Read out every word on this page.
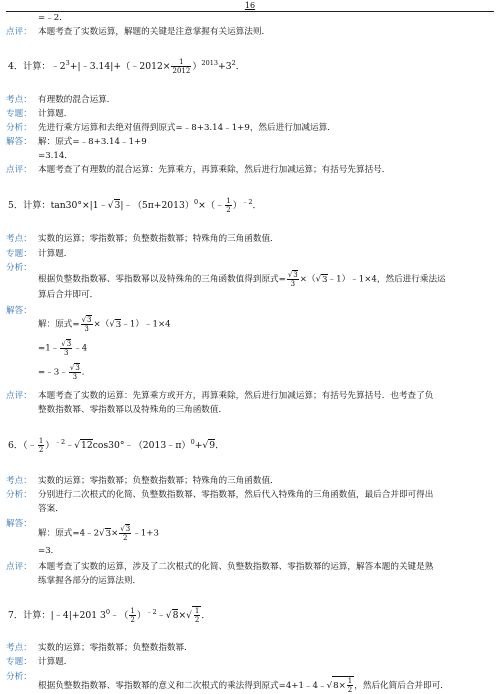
16
=﹣2．
点评： 本题考查了实数运算，解题的关键是注意掌握有关运算法则．
4．计算：$﹣2^3+|﹣3.14|+(﹣2012\times \frac{1}{2012} )^{2013}+3^2$．
考点： 有理数的混合运算．
专题： 计算题．
分析： 先进行乘方运算和去绝对值得到原式=﹣8+3.14﹣1+9，然后进行加减运算．
解答： 解：原式=﹣8+3.14﹣1+9
=3.14．
点评： 本题考查了有理数的混合运算：先算乘方，再算乘除，然后进行加减运算；有括号先算括号．
5．计算：$\tan 30^\circ\times|1﹣√3|﹣(5\pi+2013)^0\times(﹣ \frac{1}{2} )^{﹣2}$．
考点： 实数的运算；零指数幂；负整数指数幂；特殊角的三角函数值．
专题： 计算题．
分析：
根据负整数指数幂、零指数幂以及特殊角的三角函数值得到原式= $\frac{√3}{3}$ ×（√3﹣1）﹣1×4，然后进行乘法运
算后合并即可．
解答：
解：原式= $\frac{√3}{3}$ ×（√3﹣1）﹣1×4
=1﹣ $\frac{√3}{3}$ ﹣4
=﹣3﹣ $\frac{√3}{3}$ ．
点评： 本题考查了实数的运算：先算乘方或开方，再算乘除，然后进行加减运算；有括号先算括号．也考查了负
整数指数幂、零指数幂以及特殊角的三角函数值．
6．（﹣ $\frac{1}{2}$ ）$^{﹣2}$﹣√12cos30°﹣（2013﹣π）$^0$+√9．
考点： 实数的运算；零指数幂；负整数指数幂；特殊角的三角函数值．
分析： 分别进行二次根式的化简、负整数指数幂、零指数幂，然后代入特殊角的三角函数值，最后合并即可得出
答案．
解答：
解：原式=4﹣2√3× $\frac{√3}{2}$ ﹣1+3
=3．
点评： 本题考查了实数的运算，涉及了二次根式的化简、负整数指数幂、零指数幂的运算，解答本题的关键是熟
练掌握各部分的运算法则．
7．计算：|﹣4|+201 $3^0﹣( \frac{1}{2}$ ）$^{﹣2}$﹣√8×√ $\frac{1}{2}$ ．
考点： 实数的运算；零指数幂；负整数指数幂．
专题： 计算题．
分析：
根据负整数指数幂、零指数幂的意义和二次根式的乘法得到原式=4+1﹣4﹣√8× $\frac{1}{2}$ ，然后化简后合并即可．
